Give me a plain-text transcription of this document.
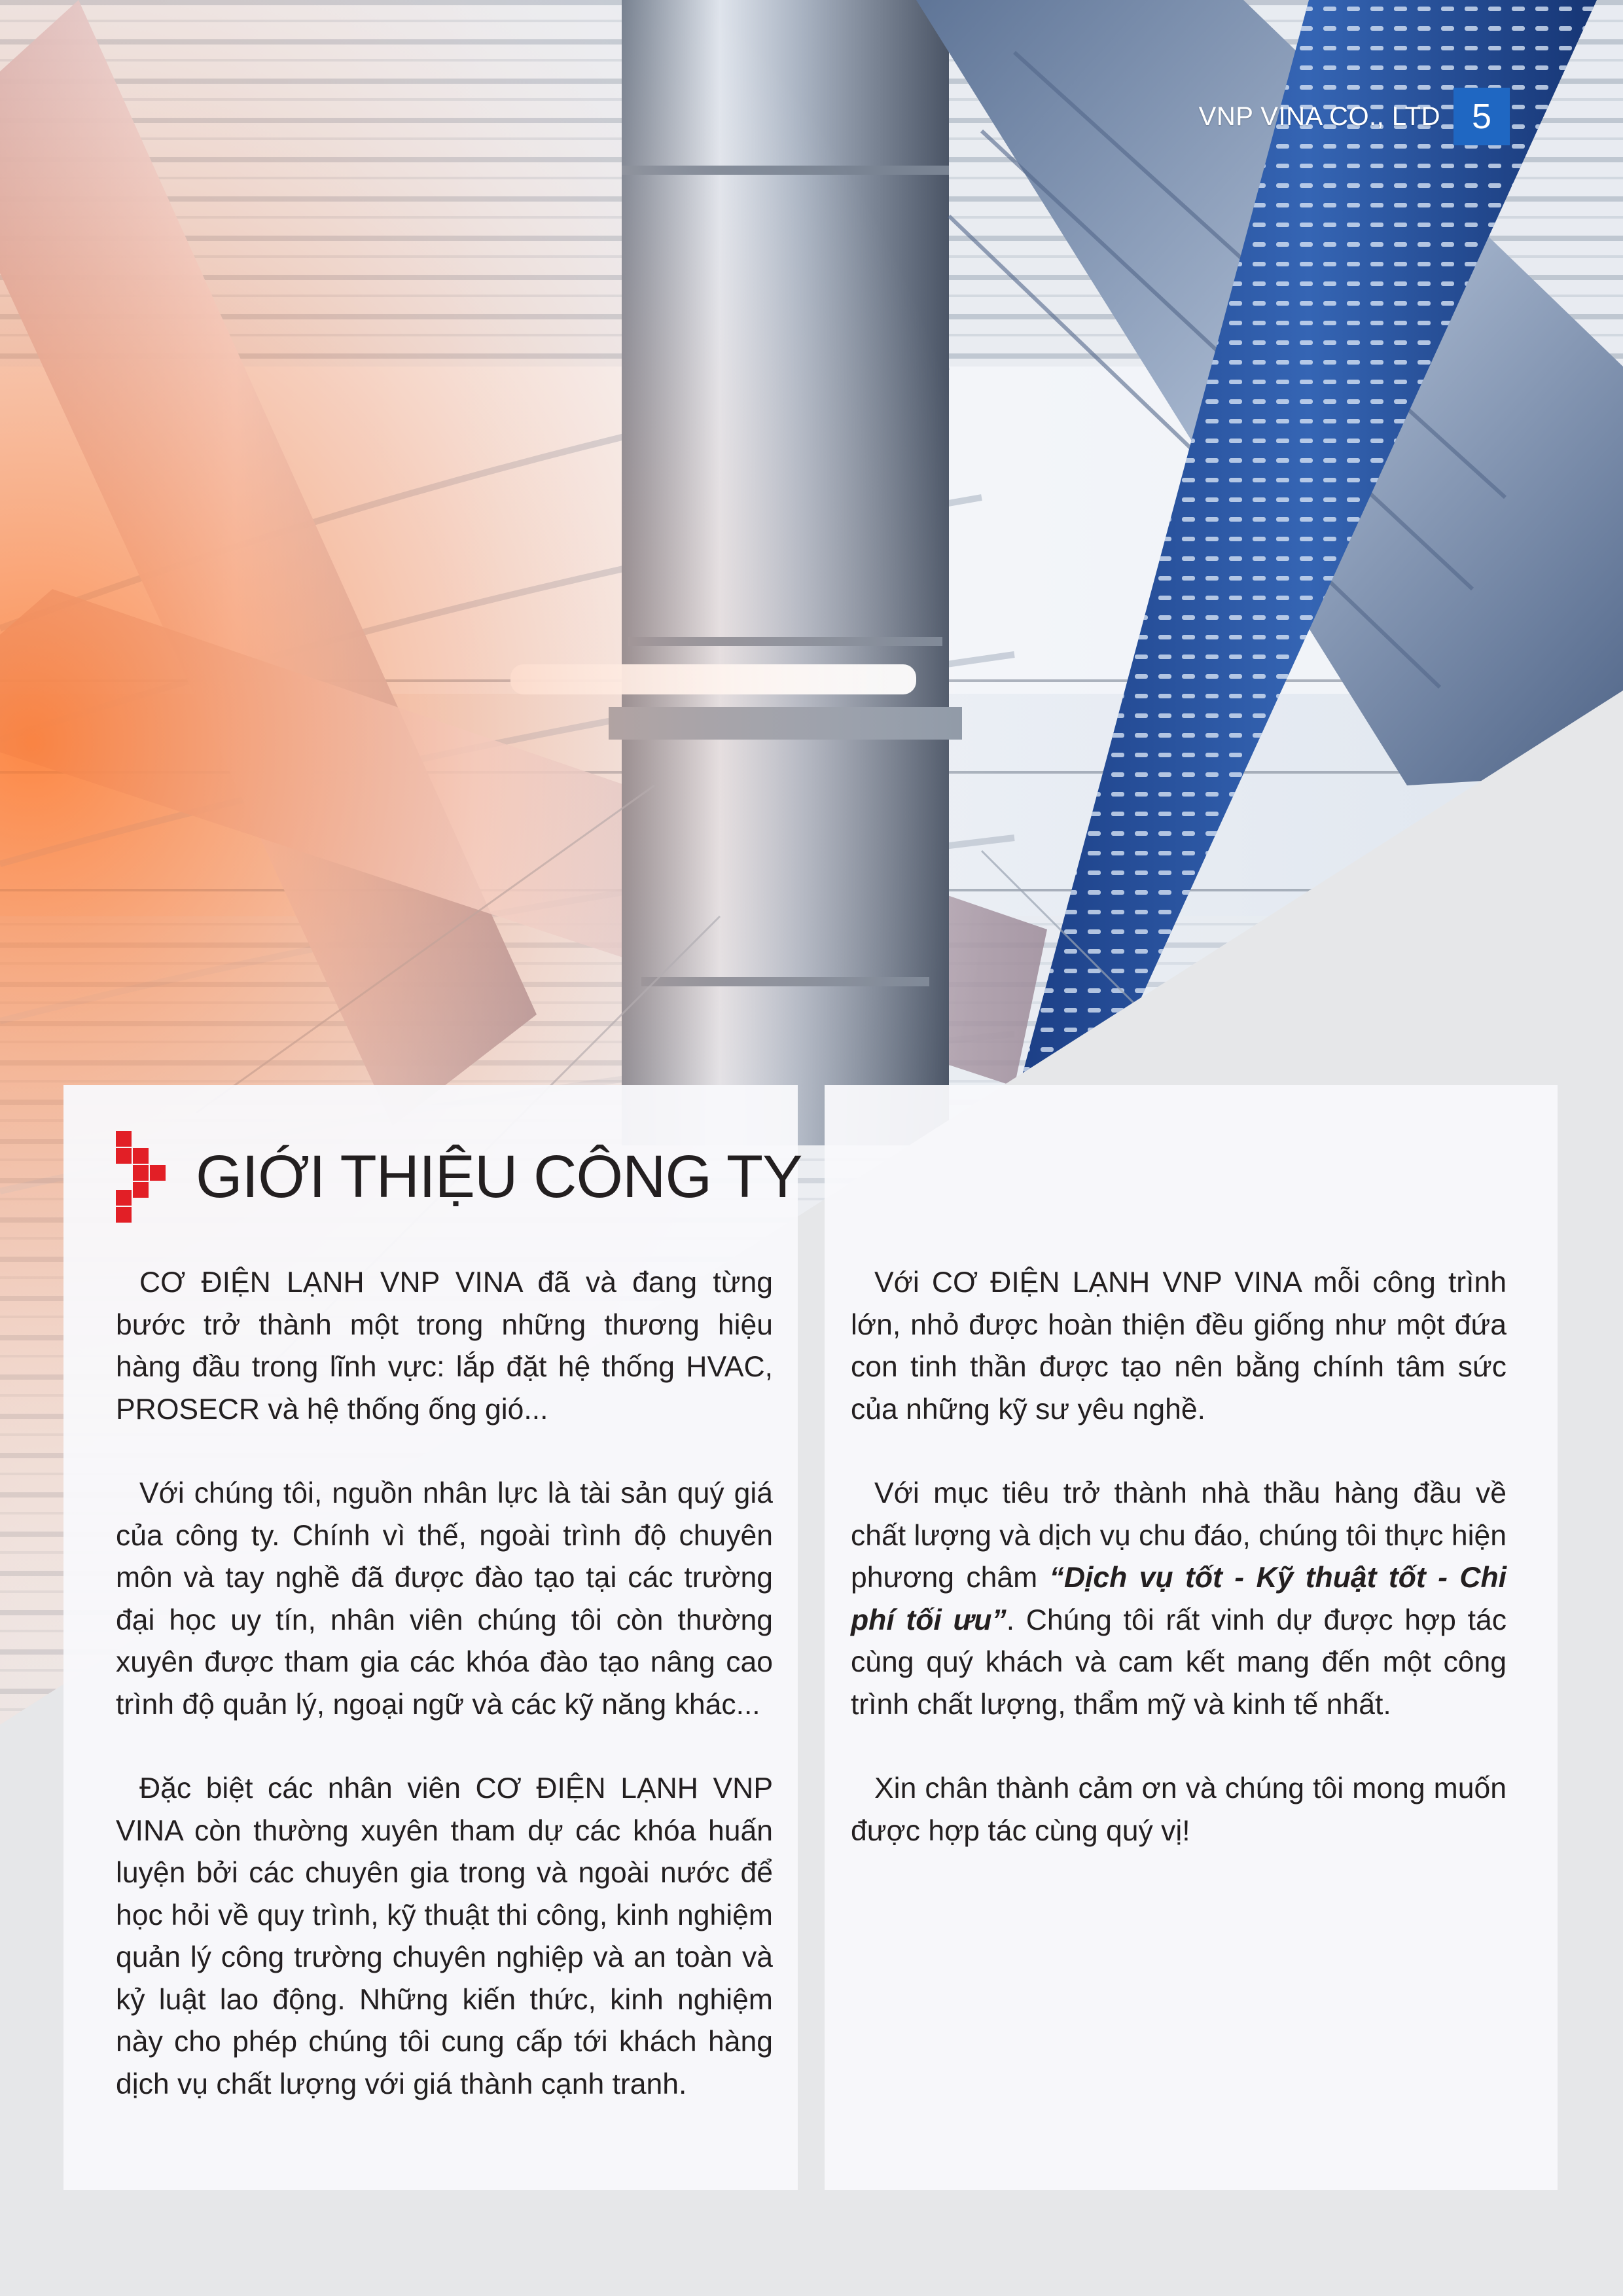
VNP VINA CO., LTD 5
GIỚI THIỆU CÔNG TY

CƠ ĐIỆN LẠNH VNP VINA đã và đang từng bước trở thành một trong những thương hiệu hàng đầu trong lĩnh vực: lắp đặt hệ thống HVAC, PROSECR và hệ thống ống gió...

Với chúng tôi, nguồn nhân lực là tài sản quý giá của công ty. Chính vì thế, ngoài trình độ chuyên môn và tay nghề đã được đào tạo tại các trường đại học uy tín, nhân viên chúng tôi còn thường xuyên được tham gia các khóa đào tạo nâng cao trình độ quản lý, ngoại ngữ và các kỹ năng khác...

Đặc biệt các nhân viên CƠ ĐIỆN LẠNH VNP VINA còn thường xuyên tham dự các khóa huấn luyện bởi các chuyên gia trong và ngoài nước để học hỏi về quy trình, kỹ thuật thi công, kinh nghiệm quản lý công trường chuyên nghiệp và an toàn và kỷ luật lao động. Những kiến thức, kinh nghiệm này cho phép chúng tôi cung cấp tới khách hàng dịch vụ chất lượng với giá thành cạnh tranh.

Với CƠ ĐIỆN LẠNH VNP VINA mỗi công trình lớn, nhỏ được hoàn thiện đều giống như một đứa con tinh thần được tạo nên bằng chính tâm sức của những kỹ sư yêu nghề.

Với mục tiêu trở thành nhà thầu hàng đầu về chất lượng và dịch vụ chu đáo, chúng tôi thực hiện phương châm “Dịch vụ tốt - Kỹ thuật tốt - Chi phí tối ưu”. Chúng tôi rất vinh dự được hợp tác cùng quý khách và cam kết mang đến một công trình chất lượng, thẩm mỹ và kinh tế nhất.

Xin chân thành cảm ơn và chúng tôi mong muốn được hợp tác cùng quý vị!
